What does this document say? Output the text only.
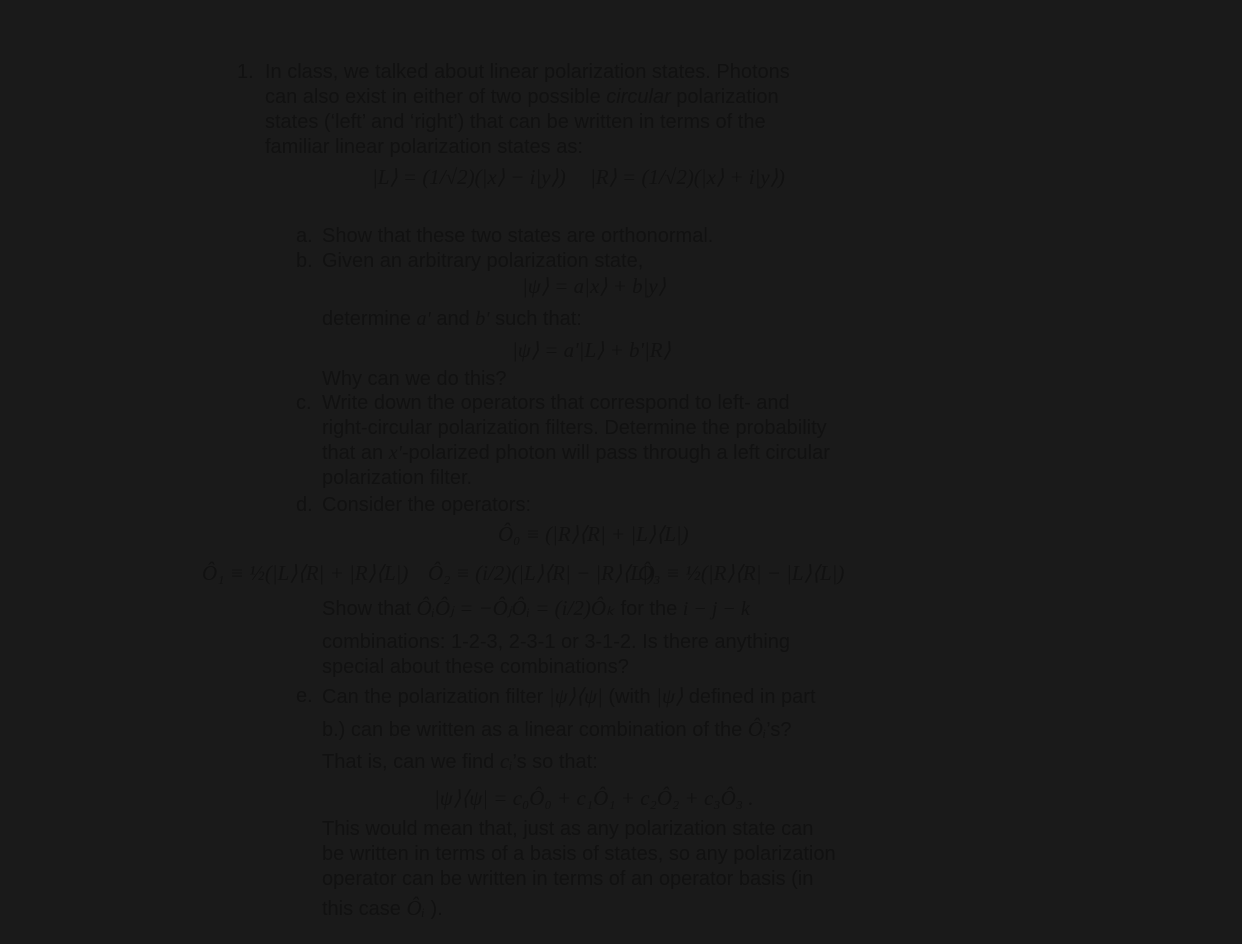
1. In class, we talked about linear polarization states. Photons
can also exist in either of two possible circular polarization
states (‘left’ and ‘right’) that can be written in terms of the
familiar linear polarization states as:
|L⟩ = (1/√2)(|x⟩ − i|y⟩) |R⟩ = (1/√2)(|x⟩ + i|y⟩)
a. Show that these two states are orthonormal.
b. Given an arbitrary polarization state,
|ψ⟩ = a|x⟩ + b|y⟩
determine a' and b' such that:
|ψ⟩ = a'|L⟩ + b'|R⟩
Why can we do this?
c. Write down the operators that correspond to left- and
right-circular polarization filters. Determine the probability
that an x'-polarized photon will pass through a left circular
polarization filter.
d. Consider the operators:
Ô₀ ≡ (|R⟩⟨R| + |L⟩⟨L|)
Ô₁ ≡ ½(|L⟩⟨R| + |R⟩⟨L|) Ô₂ ≡ (i/2)(|L⟩⟨R| − |R⟩⟨L|)
Ô₃ ≡ ½(|R⟩⟨R| − |L⟩⟨L|)
Show that ÔᵢÔⱼ = −ÔⱼÔᵢ = (i/2)Ôₖ for the i − j − k
combinations: 1-2-3, 2-3-1 or 3-1-2. Is there anything
special about these combinations?
e. Can the polarization filter |ψ⟩⟨ψ| (with |ψ⟩ defined in part
b.) can be written as a linear combination of the Ôᵢ’s?
That is, can we find cᵢ’s so that:
|ψ⟩⟨ψ| = c₀Ô₀ + c₁Ô₁ + c₂Ô₂ + c₃Ô₃ .
This would mean that, just as any polarization state can
be written in terms of a basis of states, so any polarization
operator can be written in terms of an operator basis (in
this case Ôᵢ ).
